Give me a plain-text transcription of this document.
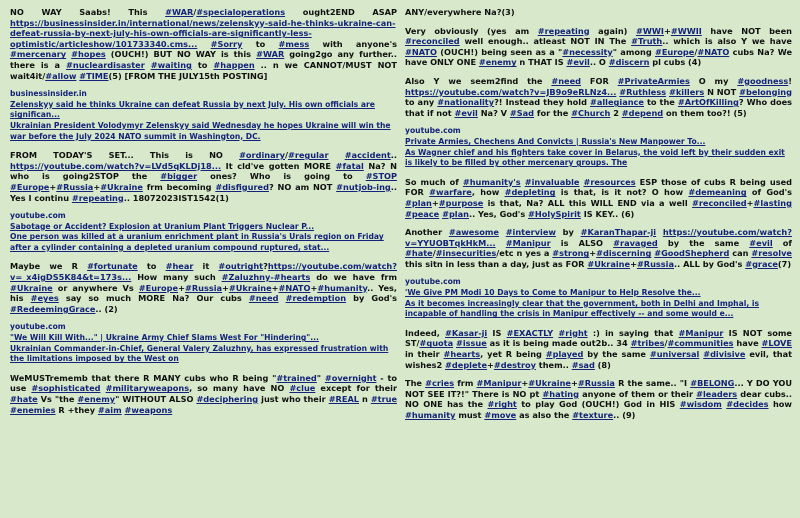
NO WAY Saabs! This #WAR/#specialoperations ought2END ASAP https://businessinsider.in/international/news/zelenskyy-said-he-thinks-ukraine-can-defeat-russia-by-next-july-his-own-officials-are-significantly-less-optimistic/articleshow/101733340.cms... #Sorry to #mess with anyone's #mercenary #hopes (OUCH!) BUT NO WAY is this #WAR going2go any further.. there is a #nucleardisaster #waiting to #happen .. n we CANNOT/MUST NOT wait4it/#allow #TIME(5) [FROM THE JULY15th POSTING]

businessinsider.in

Zelenskyy said he thinks Ukraine can defeat Russia by next July. His own officials are significan...
Ukrainian President Volodymyr Zelenskyy said Wednesday he hopes Ukraine will win the war before the July 2024 NATO summit in Washington, DC.

FROM TODAY'S SET... This is NO #ordinary/#regular #accident.. https://youtube.com/watch?v=LVd5qKLDj18... It cld've gotten MORE #fatal Na? N who is going2STOP the #bigger ones? Who is going to #STOP #Europe+#Russia+#Ukraine frm becoming #disfigured? NO am NOT #nutjob-ing.. Yes I continu #repeating.. 18072023IST1542(1)

youtube.com

Sabotage or Accident? Explosion at Uranium Plant Triggers Nuclear P...
One person was killed at a uranium enrichment plant in Russia's Urals region on Friday after a cylinder containing a depleted uranium compound ruptured, stat...

Maybe we R #fortunate to #hear it #outright?https://youtube.com/watch?v=_x4igDS5K84&t=173s... How many such #Zaluzhny-#hearts do we have frm #Ukraine or anywhere Vs #Europe+#Russia+#Ukraine+#NATO+#humanity.. Yes, his #eyes say so much MORE Na? Our cubs #need #redemption by God's #RedeemingGrace.. (2)

youtube.com

"We Will Kill With..." | Ukraine Army Chief Slams West For "Hindering"...
Ukrainian Commander-in-Chief, General Valery Zaluzhny, has expressed frustration with the limitations imposed by the West on

WeMUSTrememb that there R MANY cubs who R being "#trained" #overnight - to use #sophisticated #militaryweapons, so many have NO #clue except for their #hate Vs "the #enemy" WITHOUT ALSO #deciphering just who their #REAL n #true #enemies R +they #aim #weapons

ANY/everywhere Na?(3)

Very obviously (yes am #repeating again) #WWI+#WWII have NOT been #reconciled well enough.. atleast NOT IN The #Truth.. which is also Y we have #NATO (OUCH!) being seen as a "#necessity" among #Europe/#NATO cubs Na? We have ONLY ONE #enemy n THAT IS #evil.. O #discern pl cubs (4)

Also Y we seem2find the #need FOR #PrivateArmies O my #goodness! https://youtube.com/watch?v=JB9o9eRLNz4... #Ruthless #killers N NOT #belonging to any #nationality?! Instead they hold #allegiance to the #ArtOfKilling? Who does that if not #evil Na? V #Sad for the #Church 2 #depend on them too?! (5)

youtube.com

Private Armies, Chechens And Convicts | Russia's New Manpower To...
As Wagner chief and his fighters take cover in Belarus, the void left by their sudden exit is likely to be filled by other mercenary groups. The

So much of #humanity's #invaluable #resources ESP those of cubs R being used FOR #warfare, how #depleting is that, is it not? O how #demeaning of God's #plan+#purpose is that, Na? ALL this WILL END via a well #reconciled+#lasting #peace #plan.. Yes, God's #HolySpirit IS KEY.. (6)

Another #awesome #interview by #KaranThapar-ji https://youtube.com/watch?v=YYUOBTqkHkM... #Manipur is ALSO #ravaged by the same #evil of #hate/#insecurities/etc n yes a #strong+#discerning #GoodShepherd can #resolve this sitn in less than a day, just as FOR #Ukraine+#Russia.. ALL by God's #grace(7)

youtube.com

'We Give PM Modi 10 Days to Come to Manipur to Help Resolve the...
As it becomes increasingly clear that the government, both in Delhi and Imphal, is incapable of handling the crisis in Manipur effectively -- and some would e...

Indeed, #Kasar-ji IS #EXACTLY #right :) in saying that #Manipur IS NOT some ST/#quota #issue as it is being made out2b.. 34 #tribes/#communities have #LOVE in their #hearts, yet R being #played by the same #universal #divisive evil, that wishes2 #deplete+#destroy them.. #sad (8)

The #cries frm #Manipur+#Ukraine+#Russia R the same.. "I #BELONG... Y DO YOU NOT SEE IT?!" There is NO pt #hating anyone of them or their #leaders dear cubs.. NO ONE has the #right to play God (OUCH!) God in HIS #wisdom #decides how #humanity must #move as also the #texture.. (9)
